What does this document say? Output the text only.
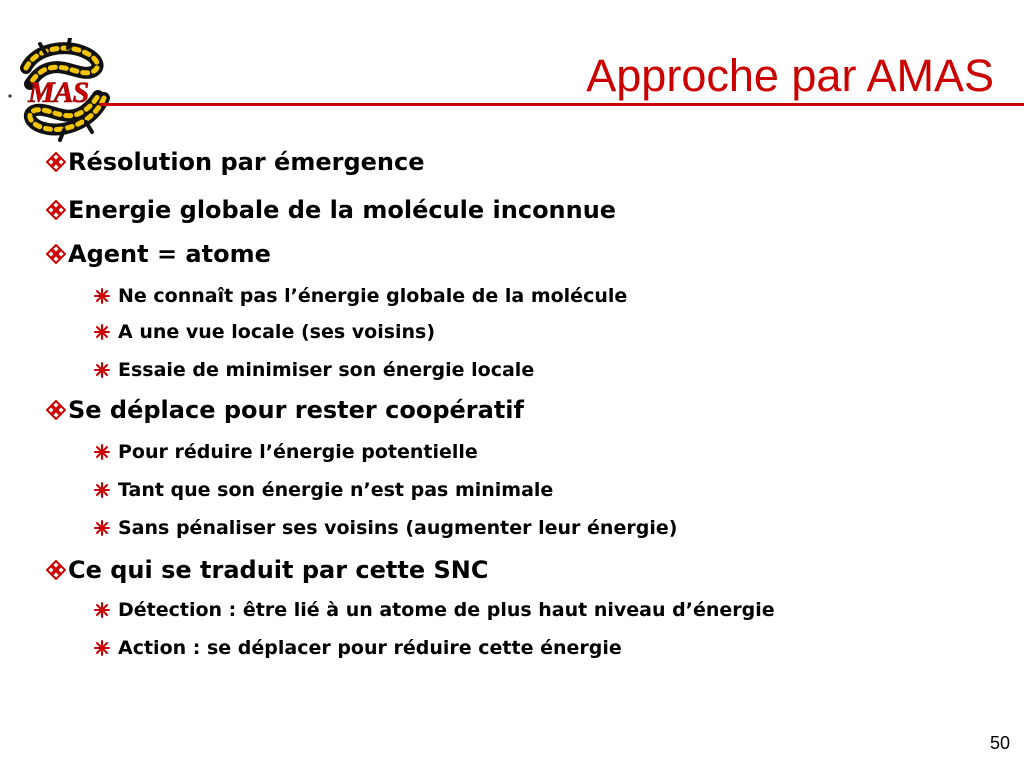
MAS	Approche par AMAS
Résolution par émergence
Energie globale de la molécule inconnue
Agent = atome
Ne connaît pas l’énergie globale de la molécule
A une vue locale (ses voisins)
Essaie de minimiser son énergie locale
Se déplace pour rester coopératif
Pour réduire l’énergie potentielle
Tant que son énergie n’est pas minimale
Sans pénaliser ses voisins (augmenter leur énergie)
Ce qui se traduit par cette SNC
Détection : être lié à un atome de plus haut niveau d’énergie
Action : se déplacer pour réduire cette énergie
50
